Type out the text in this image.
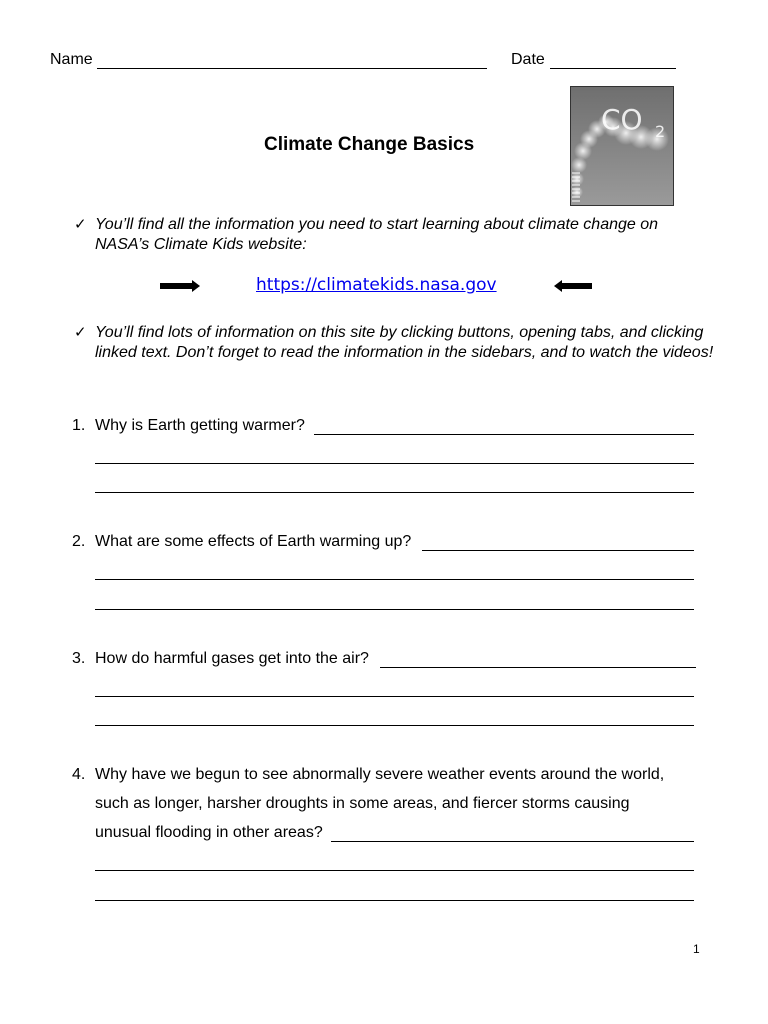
Name	Date
Climate Change Basics
CO 2
✓ You’ll find all the information you need to start learning about climate change on NASA’s Climate Kids website:
https://climatekids.nasa.gov
✓ You’ll find lots of information on this site by clicking buttons, opening tabs, and clicking linked text. Don’t forget to read the information in the sidebars, and to watch the videos!
1. Why is Earth getting warmer?
2. What are some effects of Earth warming up?
3. How do harmful gases get into the air?
4. Why have we begun to see abnormally severe weather events around the world,
such as longer, harsher droughts in some areas, and fiercer storms causing
unusual flooding in other areas?
1
